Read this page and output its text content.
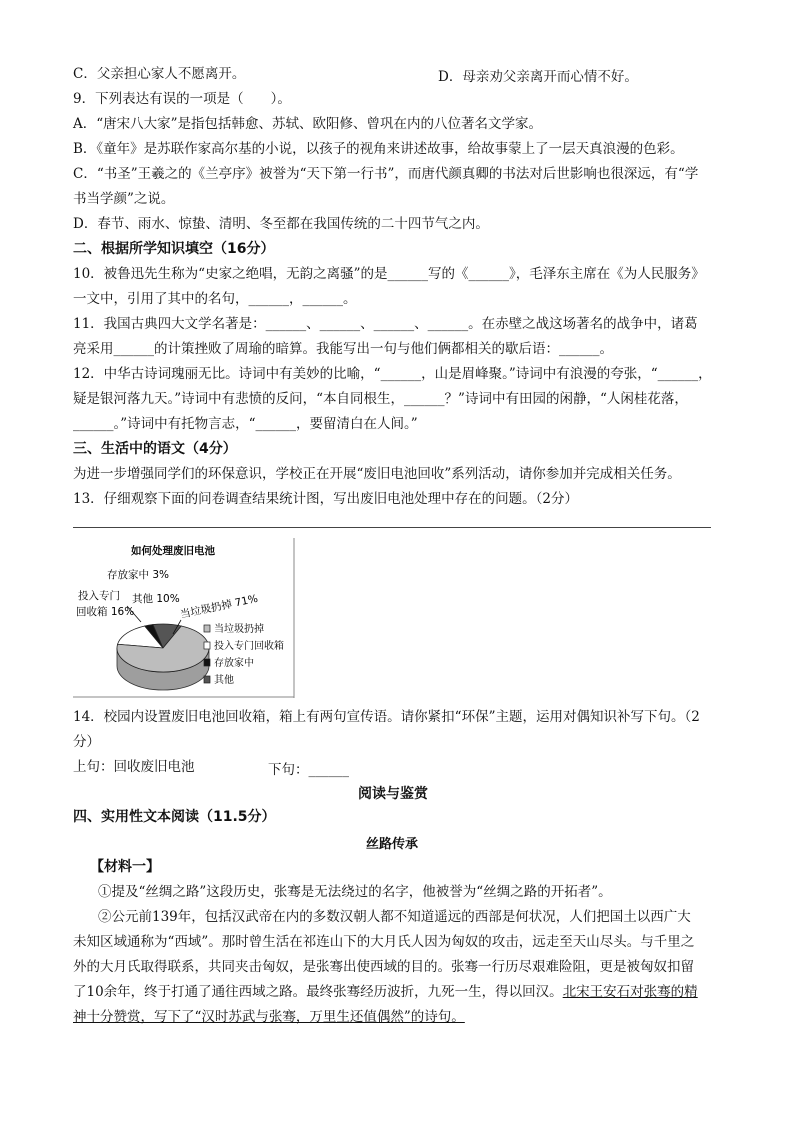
C．父亲担心家人不愿离开。	D．母亲劝父亲离开而心情不好。
9．下列表达有误的一项是（　　）。
A．“唐宋八大家”是指包括韩愈、苏轼、欧阳修、曾巩在内的八位著名文学家。
B．《童年》是苏联作家高尔基的小说，以孩子的视角来讲述故事，给故事蒙上了一层天真浪漫的色彩。
C．“书圣”王羲之的《兰亭序》被誉为“天下第一行书”，而唐代颜真卿的书法对后世影响也很深远，有“学
书当学颜”之说。
D．春节、雨水、惊蛰、清明、冬至都在我国传统的二十四节气之内。
二、根据所学知识填空（16分）
10．被鲁迅先生称为“史家之绝唱，无韵之离骚”的是______写的《______》，毛泽东主席在《为人民服务》
一文中，引用了其中的名句，______，______。
11．我国古典四大文学名著是：______、______、______、______。在赤壁之战这场著名的战争中，诸葛
亮采用______的计策挫败了周瑜的暗算。我能写出一句与他们俩都相关的歇后语：______。
12．中华古诗词瑰丽无比。诗词中有美妙的比喻，“______，山是眉峰聚。”诗词中有浪漫的夸张，“______，
疑是银河落九天。”诗词中有悲愤的反问，“本自同根生，______？”诗词中有田园的闲静，“人闲桂花落，
______。”诗词中有托物言志，“______，要留清白在人间。”
三、生活中的语文（4分）
为进一步增强同学们的环保意识，学校正在开展“废旧电池回收”系列活动，请你参加并完成相关任务。
13．仔细观察下面的问卷调查结果统计图，写出废旧电池处理中存在的问题。（2分）
如何处理废旧电池
存放家中 3%
其他 10%
投入专门
回收箱 16%	当垃圾扔掉 71%
当垃圾扔掉
投入专门回收箱
存放家中
其他
14．校园内设置废旧电池回收箱，箱上有两句宣传语。请你紧扣“环保”主题，运用对偶知识补写下句。（2
分）
上句：回收废旧电池	下句：______
阅读与鉴赏
四、实用性文本阅读（11.5分）
丝路传承
【材料一】
①提及“丝绸之路”这段历史，张骞是无法绕过的名字，他被誉为“丝绸之路的开拓者”。
②公元前139年，包括汉武帝在内的多数汉朝人都不知道遥远的西部是何状况，人们把国土以西广大
未知区域通称为“西域”。那时曾生活在祁连山下的大月氏人因为匈奴的攻击，远走至天山尽头。与千里之
外的大月氏取得联系，共同夹击匈奴，是张骞出使西域的目的。张骞一行历尽艰难险阻，更是被匈奴扣留
了10余年，终于打通了通往西域之路。最终张骞经历波折，九死一生，得以回汉。北宋王安石对张骞的精
神十分赞赏，写下了“汉时苏武与张骞，万里生还值偶然”的诗句。
